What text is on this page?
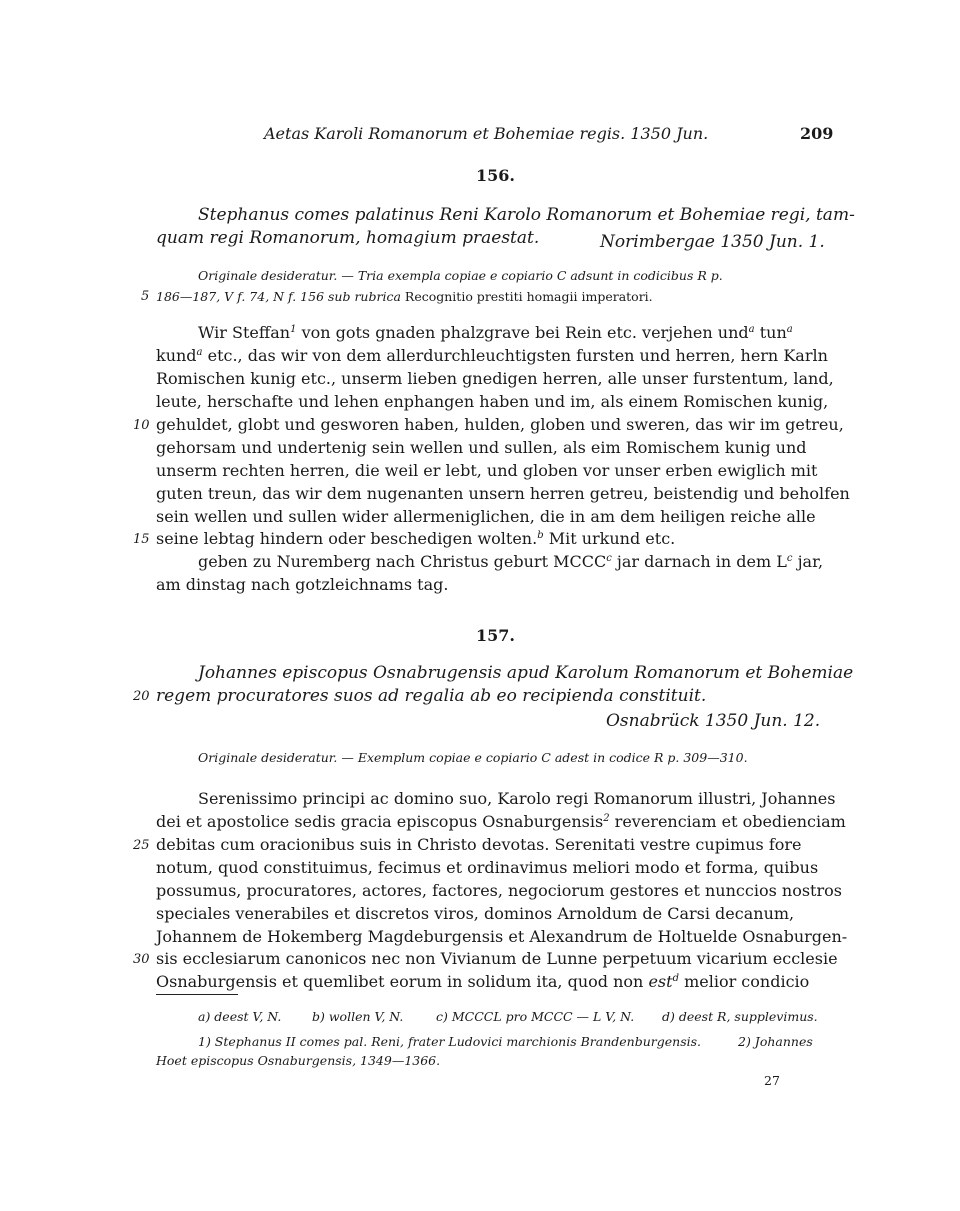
Aetas Karoli Romanorum et Bohemiae regis. 1350 Jun.	209
156.
Stephanus comes palatinus Reni Karolo Romanorum et Bohemiae regi, tam-
quam regi Romanorum, homagium praestat.	Norimbergae 1350 Jun. 1.
Originale desideratur. — Tria exempla copiae e copiario C adsunt in codicibus R p.
5 186—187, V f. 74, N f. 156 sub rubrica Recognitio prestiti homagii imperatori.
Wir Steffan$^1$ von gots gnaden phalzgrave bei Rein etc. verjehen und$^a$ tun$^a$
kund$^a$ etc., das wir von dem allerdurchleuchtigsten fursten und herren, hern Karln
Romischen kunig etc., unserm lieben gnedigen herren, alle unser furstentum, land,
leute, herschafte und lehen enphangen haben und im, als einem Romischen kunig,
10 gehuldet, globt und gesworen haben, hulden, globen und sweren, das wir im getreu,
gehorsam und undertenig sein wellen und sullen, als eim Romischem kunig und
unserm rechten herren, die weil er lebt, und globen vor unser erben ewiglich mit
guten treun, das wir dem nugenanten unsern herren getreu, beistendig und beholfen
sein wellen und sullen wider allermeniglichen, die in am dem heiligen reiche alle
15 seine lebtag hindern oder beschedigen wolten.$^b$ Mit urkund etc.
geben zu Nuremberg nach Christus geburt MCCC$^c$ jar darnach in dem $L^c$ jar,
am dinstag nach gotzleichnams tag.
157.
Johannes episcopus Osnabrugensis apud Karolum Romanorum et Bohemiae
20 regem procuratores suos ad regalia ab eo recipienda constituit.
Osnabrück 1350 Jun. 12.
Originale desideratur. — Exemplum copiae e copiario C adest in codice R p. 309—310.
Serenissimo principi ac domino suo, Karolo regi Romanorum illustri, Johannes
dei et apostolice sedis gracia episcopus Osnaburgensis$^2$ reverenciam et obedienciam
25 debitas cum oracionibus suis in Christo devotas. Serenitati vestre cupimus fore
notum, quod constituimus, fecimus et ordinavimus meliori modo et forma, quibus
possumus, procuratores, actores, factores, negociorum gestores et nunccios nostros
speciales venerabiles et discretos viros, dominos Arnoldum de Carsi decanum,
Johannem de Hokemberg Magdeburgensis et Alexandrum de Holtuelde Osnaburgen-
30 sis ecclesiarum canonicos nec non Vivianum de Lunne perpetuum vicarium ecclesie
Osnaburgensis et quemlibet eorum in solidum ita, quod non est$^d$ melior condicio
a) deest V, N. b) wollen V, N.	c) MCCCL pro MCCC — L V, N. d) deest R, supplevimus.
1) Stephanus II comes pal. Reni, frater Ludovici marchionis Brandenburgensis.	2) Johannes
Hoet episcopus Osnaburgensis, 1349—1366.
27
